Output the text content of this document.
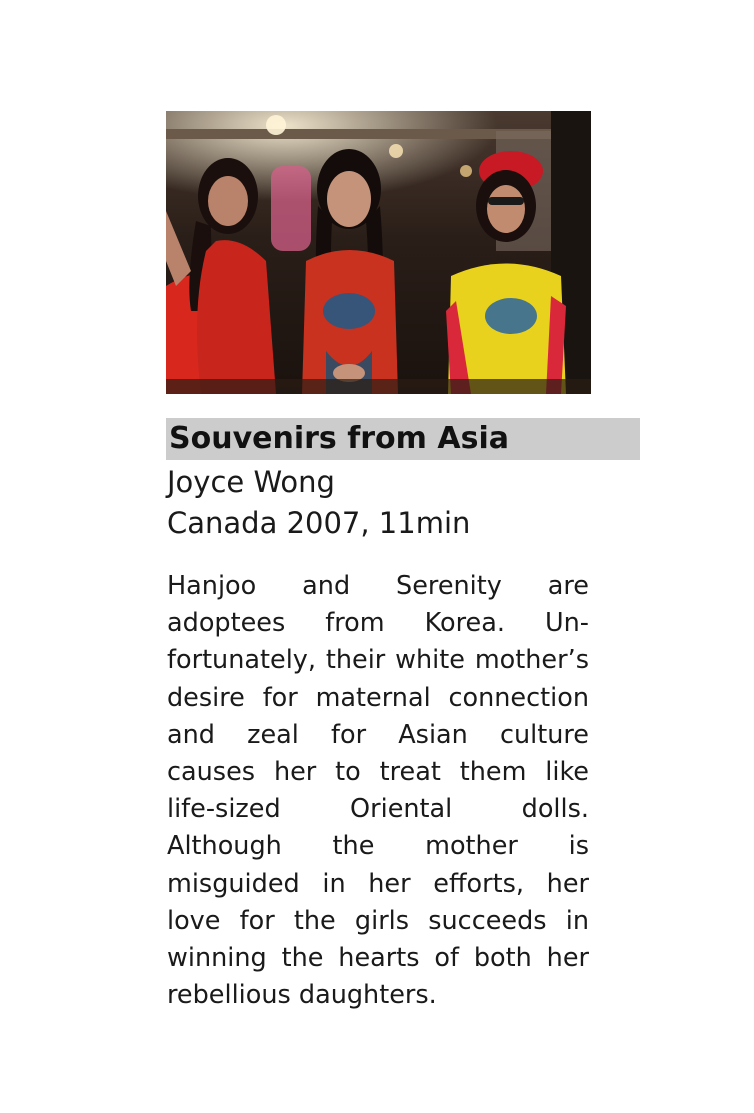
Souvenirs from Asia
Joyce Wong
Canada 2007, 11min

Hanjoo and Serenity are adoptees from Korea. Unfortunately, their white mother’s desire for maternal connection and zeal for Asian culture causes her to treat them like life-sized Oriental dolls. Although the mother is misguided in her efforts, her love for the girls succeeds in winning the hearts of both her rebellious daughters.
